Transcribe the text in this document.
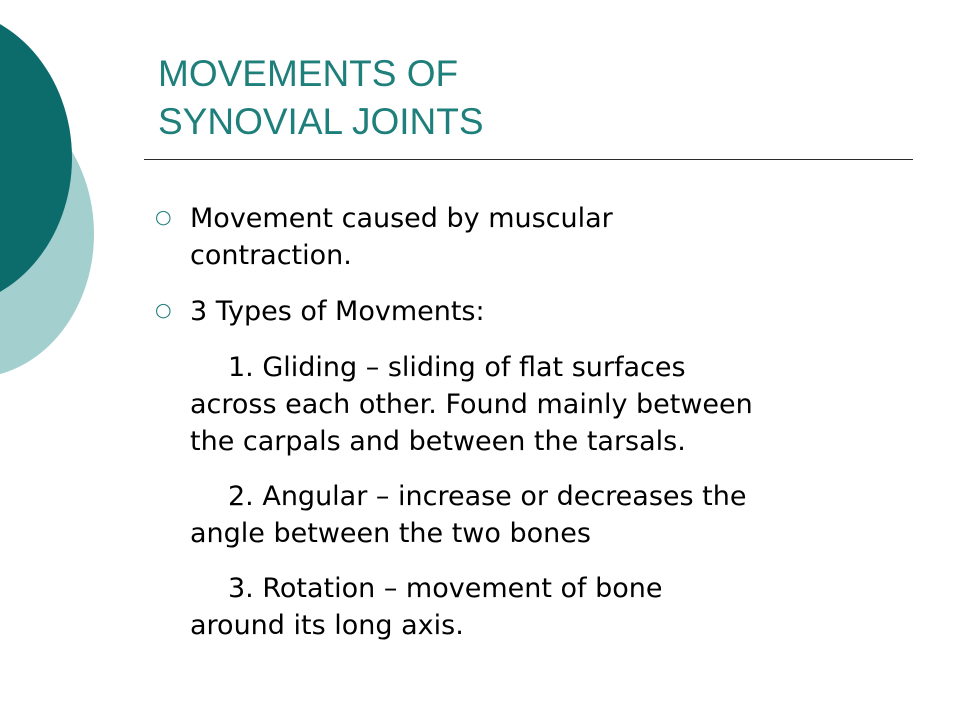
MOVEMENTS OF
SYNOVIAL JOINTS
○ Movement caused by muscular
contraction.
○ 3 Types of Movments:
1. Gliding – sliding of flat surfaces
across each other. Found mainly between
the carpals and between the tarsals.
2. Angular – increase or decreases the
angle between the two bones
3. Rotation – movement of bone
around its long axis.
